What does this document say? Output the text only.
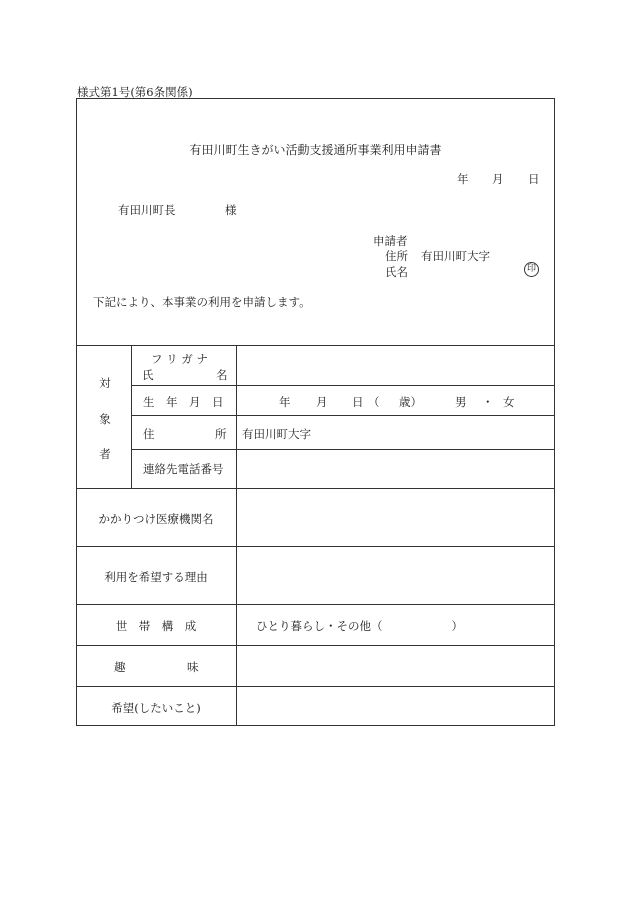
様式第1号(第6条関係)
有田川町生きがい活動支援通所事業利用申請書
年 月 日
有田川町長	様
申請者
住所 有田川町大字
氏名	印
下記により、本事業の利用を申請します。
対
象
者
フ リ ガ ナ
氏	名
生　年　月　日	年 月 日 （ 歳）	男 ・ 女
住	所 有田川町大字
連絡先電話番号
かかりつけ医療機関名
利用を希望する理由
世　帯　構　成	ひとり暮らし・その他（　　　　　　）
趣	味
希望(したいこと)
